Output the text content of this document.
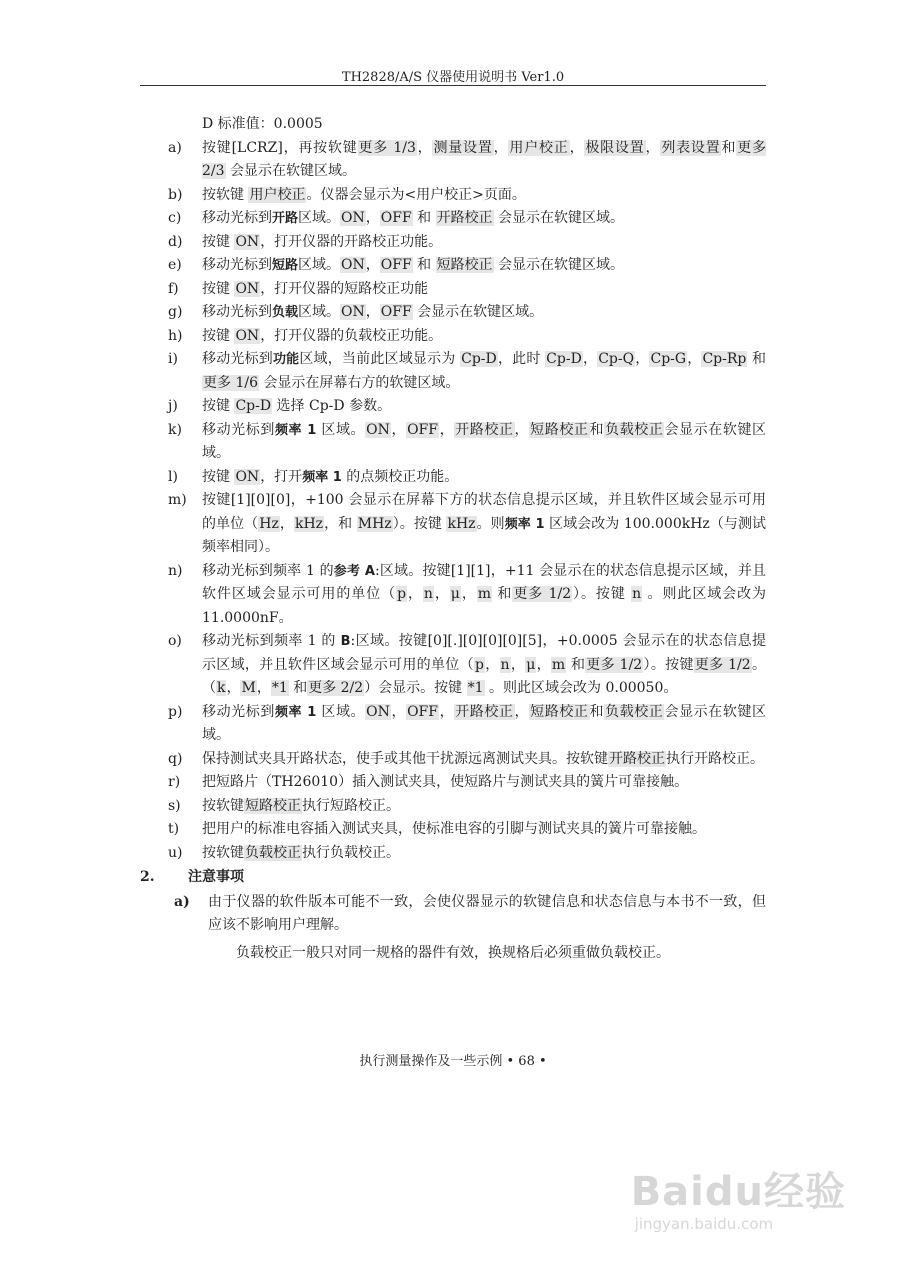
TH2828/A/S 仪器使用说明书 Ver1.0
D 标准值：0.0005
a)	按键[LCRZ]，再按软键更多 1/3，测量设置，用户校正，极限设置，列表设置和更多 2/3 会显示在软键区域。
b)	按软键 用户校正。仪器会显示为<用户校正>页面。
c)	移动光标到开路区域。ON，OFF 和 开路校正 会显示在软键区域。
d)	按键 ON，打开仪器的开路校正功能。
e)	移动光标到短路区域。ON，OFF 和 短路校正 会显示在软键区域。
f)	按键 ON，打开仪器的短路校正功能
g)	移动光标到负载区域。ON，OFF 会显示在软键区域。
h)	按键 ON，打开仪器的负载校正功能。
i)	移动光标到功能区域，当前此区域显示为 Cp-D，此时 Cp-D，Cp-Q，Cp-G，Cp-Rp 和 更多 1/6 会显示在屏幕右方的软键区域。
j)	按键 Cp-D 选择 Cp-D 参数。
k)	移动光标到频率 1 区域。ON，OFF，开路校正，短路校正和负载校正会显示在软键区域。
l)	按键 ON，打开频率 1 的点频校正功能。
m)	按键[1][0][0]，+100 会显示在屏幕下方的状态信息提示区域，并且软件区域会显示可用的单位（Hz，kHz，和 MHz）。按键 kHz。则频率 1 区域会改为 100.000kHz（与测试频率相同）。
n)	移动光标到频率 1 的参考 A:区域。按键[1][1]，+11 会显示在的状态信息提示区域，并且软件区域会显示可用的单位（p，n，μ，m 和更多 1/2）。按键 n 。则此区域会改为 11.0000nF。
o)	移动光标到频率 1 的 B:区域。按键[0][.][0][0][0][5]，+0.0005 会显示在的状态信息提示区域，并且软件区域会显示可用的单位（p，n，μ，m 和更多 1/2）。按键更多 1/2。（k，M，*1 和更多 2/2）会显示。按键 *1 。则此区域会改为 0.00050。
p)	移动光标到频率 1 区域。ON，OFF，开路校正，短路校正和负载校正会显示在软键区域。
q)	保持测试夹具开路状态，使手或其他干扰源远离测试夹具。按软键开路校正执行开路校正。
r)	把短路片（TH26010）插入测试夹具，使短路片与测试夹具的簧片可靠接触。
s)	按软键短路校正执行短路校正。
t)	把用户的标准电容插入测试夹具，使标准电容的引脚与测试夹具的簧片可靠接触。
u)	按软键负载校正执行负载校正。
2.	注意事项
a)	由于仪器的软件版本可能不一致，会使仪器显示的软键信息和状态信息与本书不一致，但应该不影响用户理解。
负载校正一般只对同一规格的器件有效，换规格后必须重做负载校正。
执行测量操作及一些示例 • 68 •
Baidu经验
jingyan.baidu.com
